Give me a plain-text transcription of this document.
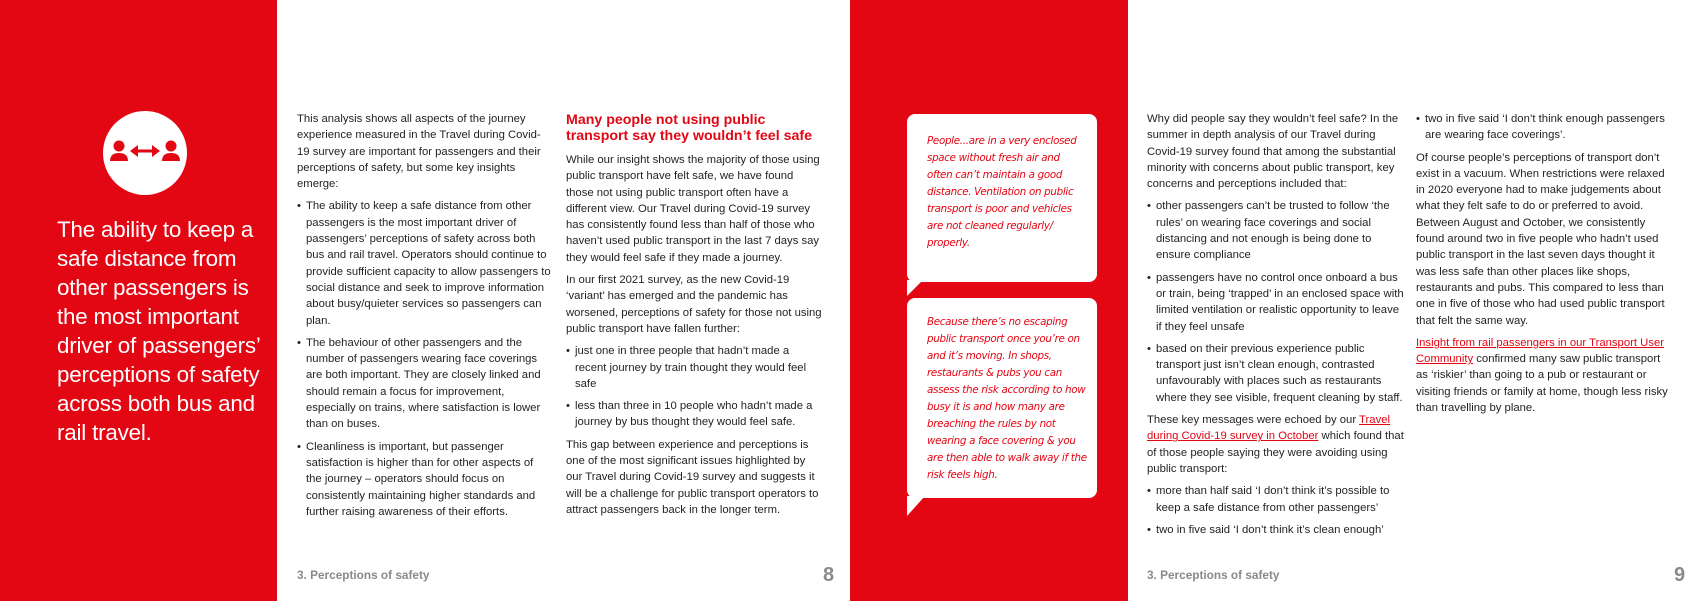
The ability to keep a safe distance from other passengers is the most important driver of passengers’ perceptions of safety across both bus and rail travel.

This analysis shows all aspects of the journey experience measured in the Travel during Covid-19 survey are important for passengers and their perceptions of safety, but some key insights emerge:

• The ability to keep a safe distance from other passengers is the most important driver of passengers’ perceptions of safety across both bus and rail travel. Operators should continue to provide sufficient capacity to allow passengers to social distance and seek to improve information about busy/quieter services so passengers can plan.
• The behaviour of other passengers and the number of passengers wearing face coverings are both important. They are closely linked and should remain a focus for improvement, especially on trains, where satisfaction is lower than on buses.
• Cleanliness is important, but passenger satisfaction is higher than for other aspects of the journey – operators should focus on consistently maintaining higher standards and further raising awareness of their efforts.
Many people not using public transport say they wouldn’t feel safe

While our insight shows the majority of those using public transport have felt safe, we have found those not using public transport often have a different view. Our Travel during Covid-19 survey has consistently found less than half of those who haven’t used public transport in the last 7 days say they would feel safe if they made a journey.

In our first 2021 survey, as the new Covid-19 ‘variant’ has emerged and the pandemic has worsened, perceptions of safety for those not using public transport have fallen further:

• just one in three people that hadn’t made a recent journey by train thought they would feel safe
• less than three in 10 people who hadn’t made a journey by bus thought they would feel safe.

This gap between experience and perceptions is one of the most significant issues highlighted by our Travel during Covid-19 survey and suggests it will be a challenge for public transport operators to attract passengers back in the longer term.

3. Perceptions of safety	8
People...are in a very enclosed space without fresh air and often can’t maintain a good distance. Ventilation on public transport is poor and vehicles are not cleaned regularly/ properly.
Because there’s no escaping public transport once you’re on and it’s moving. In shops, restaurants & pubs you can assess the risk according to how busy it is and how many are breaching the rules by not wearing a face covering & you are then able to walk away if the risk feels high.

Why did people say they wouldn’t feel safe? In the summer in depth analysis of our Travel during Covid-19 survey found that among the substantial minority with concerns about public transport, key concerns and perceptions included that:

• other passengers can’t be trusted to follow ‘the rules’ on wearing face coverings and social distancing and not enough is being done to ensure compliance
• passengers have no control once onboard a bus or train, being ‘trapped’ in an enclosed space with limited ventilation or realistic opportunity to leave if they feel unsafe
• based on their previous experience public transport just isn’t clean enough, contrasted unfavourably with places such as restaurants where they see visible, frequent cleaning by staff.

These key messages were echoed by our Travel during Covid-19 survey in October which found that of those people saying they were avoiding using public transport:

• more than half said ‘I don’t think it’s possible to keep a safe distance from other passengers’
• two in five said ‘I don’t think it’s clean enough’
• two in five said ‘I don’t think enough passengers are wearing face coverings’.

Of course people’s perceptions of transport don’t exist in a vacuum. When restrictions were relaxed in 2020 everyone had to make judgements about what they felt safe to do or preferred to avoid. Between August and October, we consistently found around two in five people who hadn’t used public transport in the last seven days thought it was less safe than other places like shops, restaurants and pubs. This compared to less than one in five of those who had used public transport that felt the same way.

Insight from rail passengers in our Transport User Community confirmed many saw public transport as ‘riskier’ than going to a pub or restaurant or visiting friends or family at home, though less risky than travelling by plane.

3. Perceptions of safety	9
